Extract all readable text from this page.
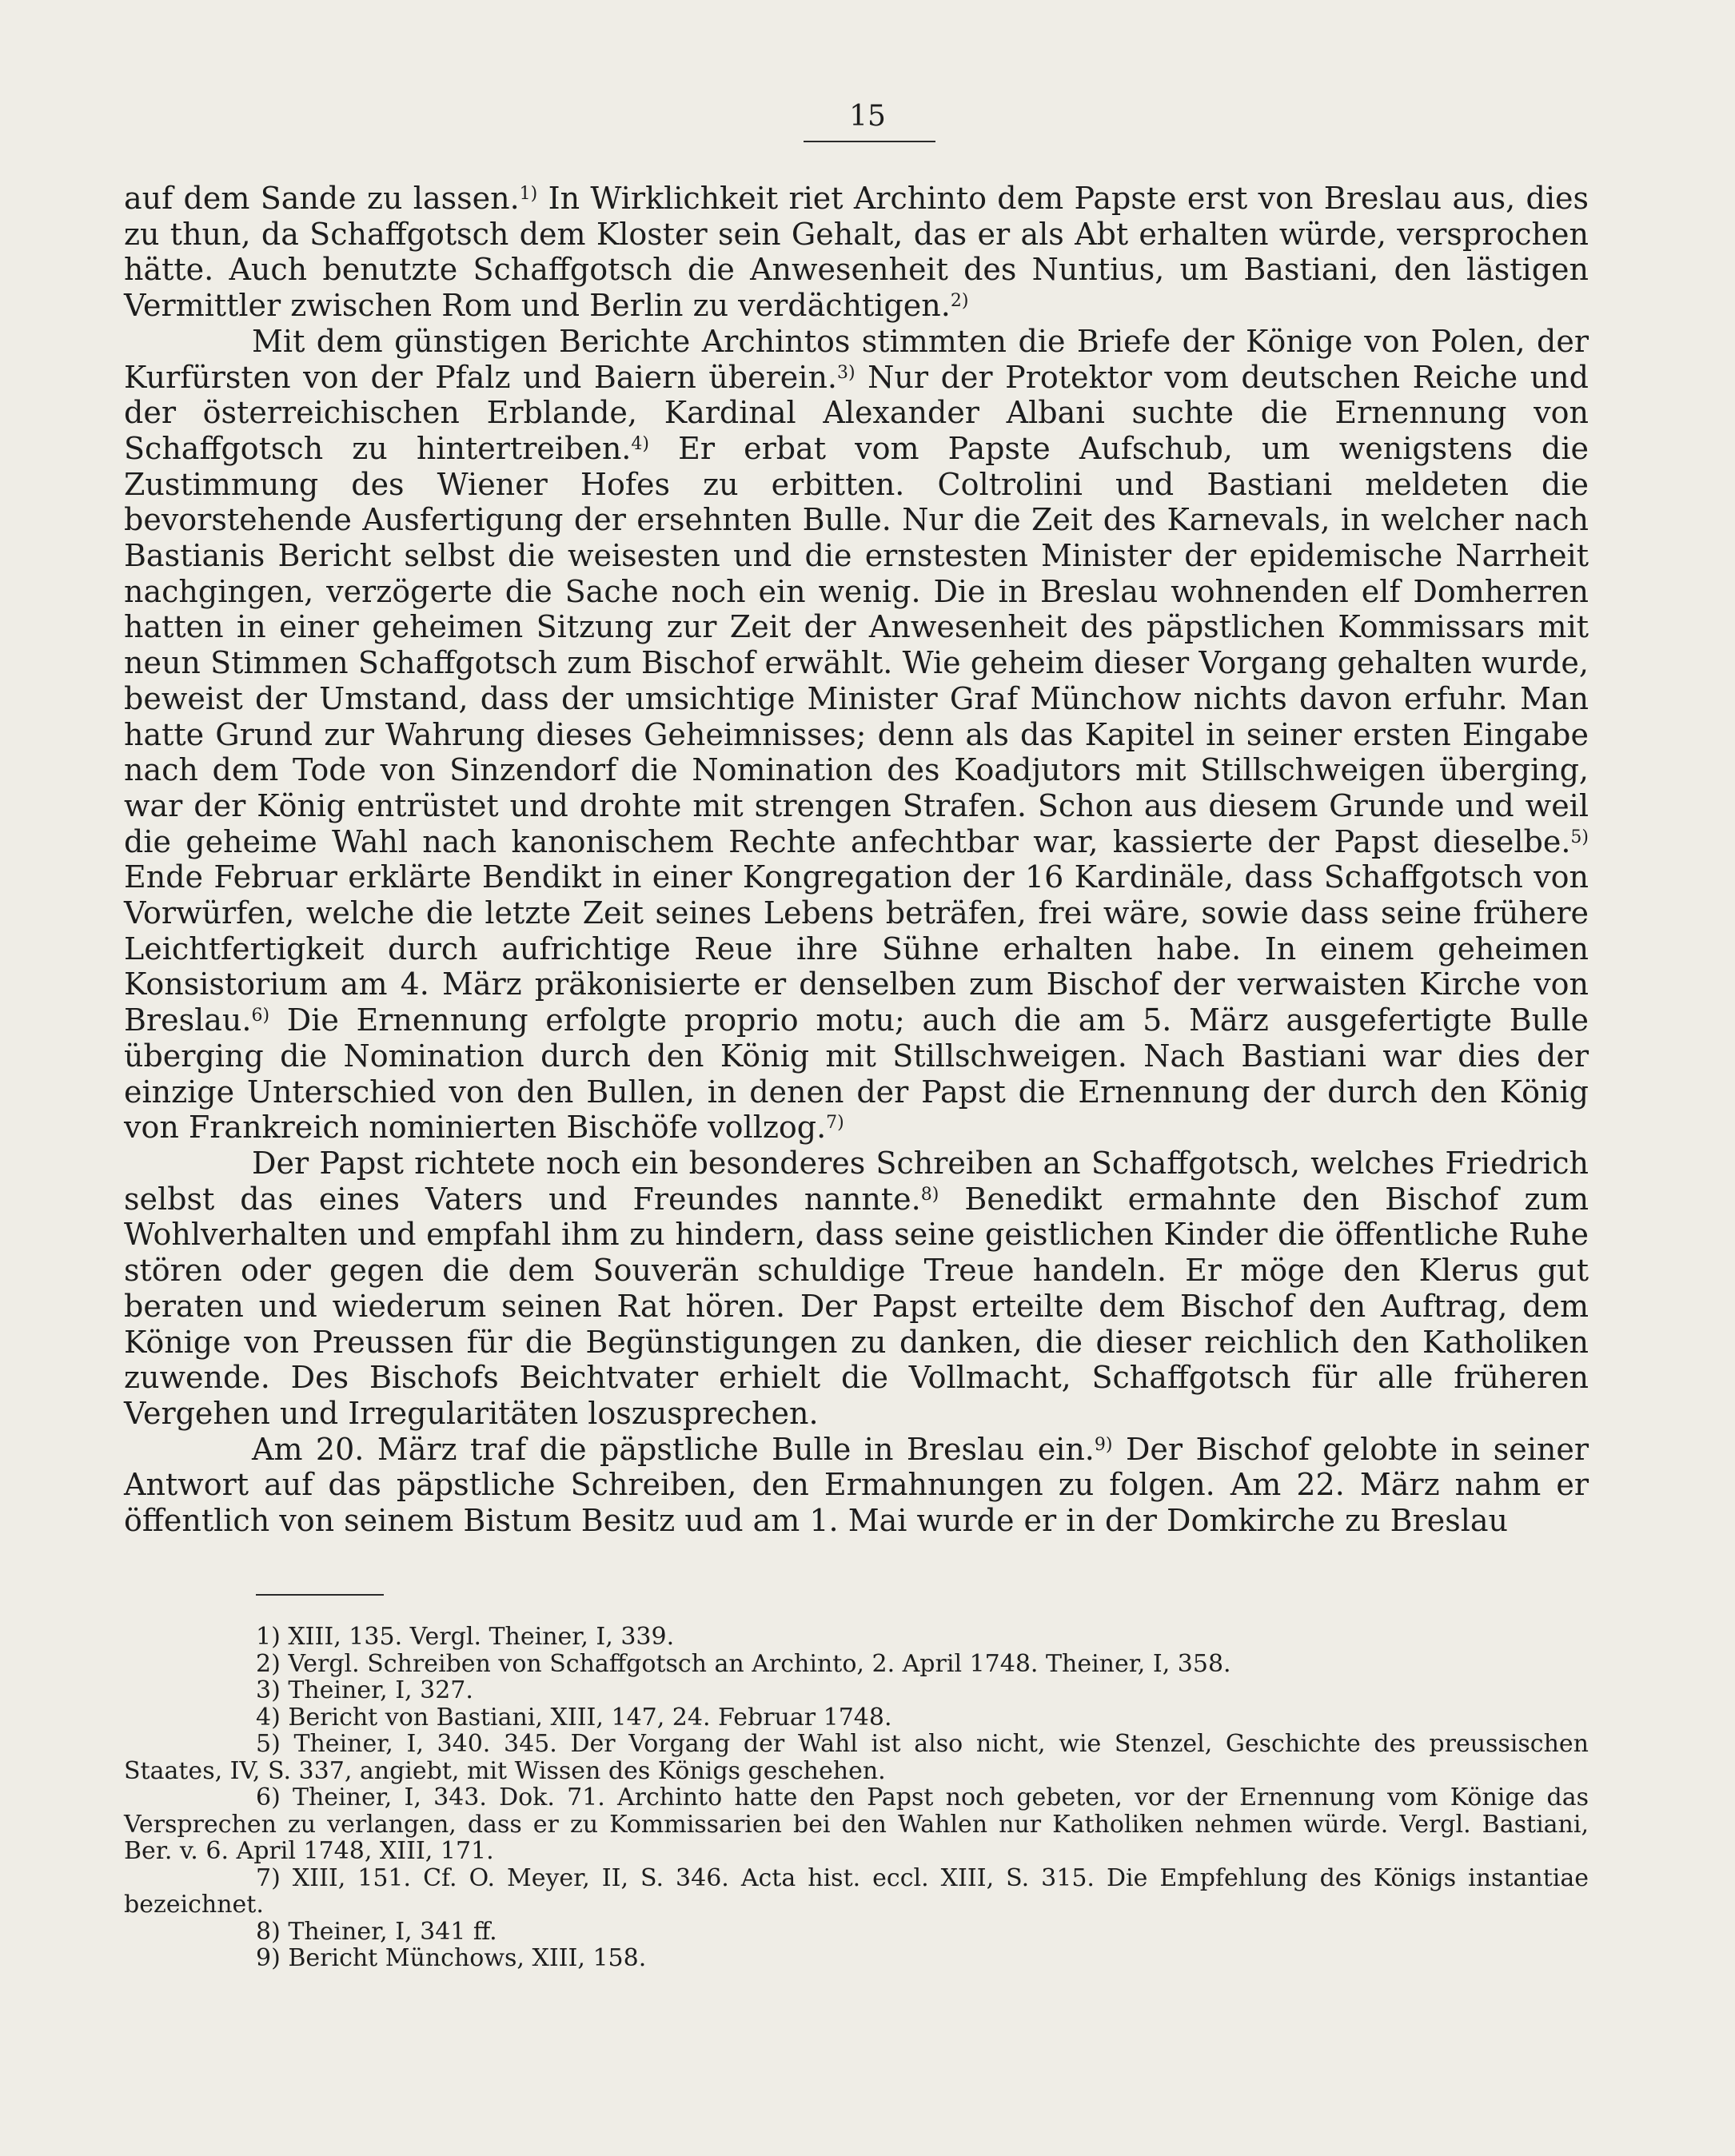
15

auf dem Sande zu lassen.$^{1)}$ In Wirklichkeit riet Archinto dem Papste erst von Breslau aus, dies zu thun, da Schaffgotsch dem Kloster sein Gehalt, das er als Abt erhalten würde, versprochen hätte. Auch benutzte Schaffgotsch die Anwesenheit des Nuntius, um Bastiani, den lästigen Vermittler zwischen Rom und Berlin zu verdächtigen.$^{2)}$

Mit dem günstigen Berichte Archintos stimmten die Briefe der Könige von Polen, der Kurfürsten von der Pfalz und Baiern überein.$^{3)}$ Nur der Protektor vom deutschen Reiche und der österreichischen Erblande, Kardinal Alexander Albani suchte die Ernennung von Schaffgotsch zu hintertreiben.$^{4)}$ Er erbat vom Papste Aufschub, um wenigstens die Zustimmung des Wiener Hofes zu erbitten. Coltrolini und Bastiani meldeten die bevorstehende Ausfertigung der ersehnten Bulle. Nur die Zeit des Karnevals, in welcher nach Bastianis Bericht selbst die weisesten und die ernstesten Minister der epidemische Narrheit nachgingen, verzögerte die Sache noch ein wenig. Die in Breslau wohnenden elf Domherren hatten in einer geheimen Sitzung zur Zeit der Anwesenheit des päpstlichen Kommissars mit neun Stimmen Schaffgotsch zum Bischof erwählt. Wie geheim dieser Vorgang gehalten wurde, beweist der Umstand, dass der umsichtige Minister Graf Münchow nichts davon erfuhr. Man hatte Grund zur Wahrung dieses Geheimnisses; denn als das Kapitel in seiner ersten Eingabe nach dem Tode von Sinzendorf die Nomination des Koadjutors mit Stillschweigen überging, war der König entrüstet und drohte mit strengen Strafen. Schon aus diesem Grunde und weil die geheime Wahl nach kanonischem Rechte anfechtbar war, kassierte der Papst dieselbe.$^{5)}$ Ende Februar erklärte Bendikt in einer Kongregation der 16 Kardinäle, dass Schaffgotsch von Vorwürfen, welche die letzte Zeit seines Lebens beträfen, frei wäre, sowie dass seine frühere Leichtfertigkeit durch aufrichtige Reue ihre Sühne erhalten habe. In einem geheimen Konsistorium am 4. März präkonisierte er denselben zum Bischof der verwaisten Kirche von Breslau.$^{6)}$ Die Ernennung erfolgte proprio motu; auch die am 5. März ausgefertigte Bulle überging die Nomination durch den König mit Stillschweigen. Nach Bastiani war dies der einzige Unterschied von den Bullen, in denen der Papst die Ernennung der durch den König von Frankreich nominierten Bischöfe vollzog.$^{7)}$

Der Papst richtete noch ein besonderes Schreiben an Schaffgotsch, welches Friedrich selbst das eines Vaters und Freundes nannte.$^{8)}$ Benedikt ermahnte den Bischof zum Wohlverhalten und empfahl ihm zu hindern, dass seine geistlichen Kinder die öffentliche Ruhe stören oder gegen die dem Souverän schuldige Treue handeln. Er möge den Klerus gut beraten und wiederum seinen Rat hören. Der Papst erteilte dem Bischof den Auftrag, dem Könige von Preussen für die Begünstigungen zu danken, die dieser reichlich den Katholiken zuwende. Des Bischofs Beichtvater erhielt die Vollmacht, Schaffgotsch für alle früheren Vergehen und Irregularitäten loszusprechen.

Am 20. März traf die päpstliche Bulle in Breslau ein.$^{9)}$ Der Bischof gelobte in seiner Antwort auf das päpstliche Schreiben, den Ermahnungen zu folgen. Am 22. März nahm er öffentlich von seinem Bistum Besitz uud am 1. Mai wurde er in der Domkirche zu Breslau

1) XIII, 135. Vergl. Theiner, I, 339.

2) Vergl. Schreiben von Schaffgotsch an Archinto, 2. April 1748. Theiner, I, 358.

3) Theiner, I, 327.

4) Bericht von Bastiani, XIII, 147, 24. Februar 1748.

5) Theiner, I, 340. 345. Der Vorgang der Wahl ist also nicht, wie Stenzel, Geschichte des preussischen Staates, IV, S. 337, angiebt, mit Wissen des Königs geschehen.

6) Theiner, I, 343. Dok. 71. Archinto hatte den Papst noch gebeten, vor der Ernennung vom Könige das Versprechen zu verlangen, dass er zu Kommissarien bei den Wahlen nur Katholiken nehmen würde. Vergl. Bastiani, Ber. v. 6. April 1748, XIII, 171.

7) XIII, 151. Cf. O. Meyer, II, S. 346. Acta hist. eccl. XIII, S. 315. Die Empfehlung des Königs instantiae bezeichnet.

8) Theiner, I, 341 ff.

9) Bericht Münchows, XIII, 158.
